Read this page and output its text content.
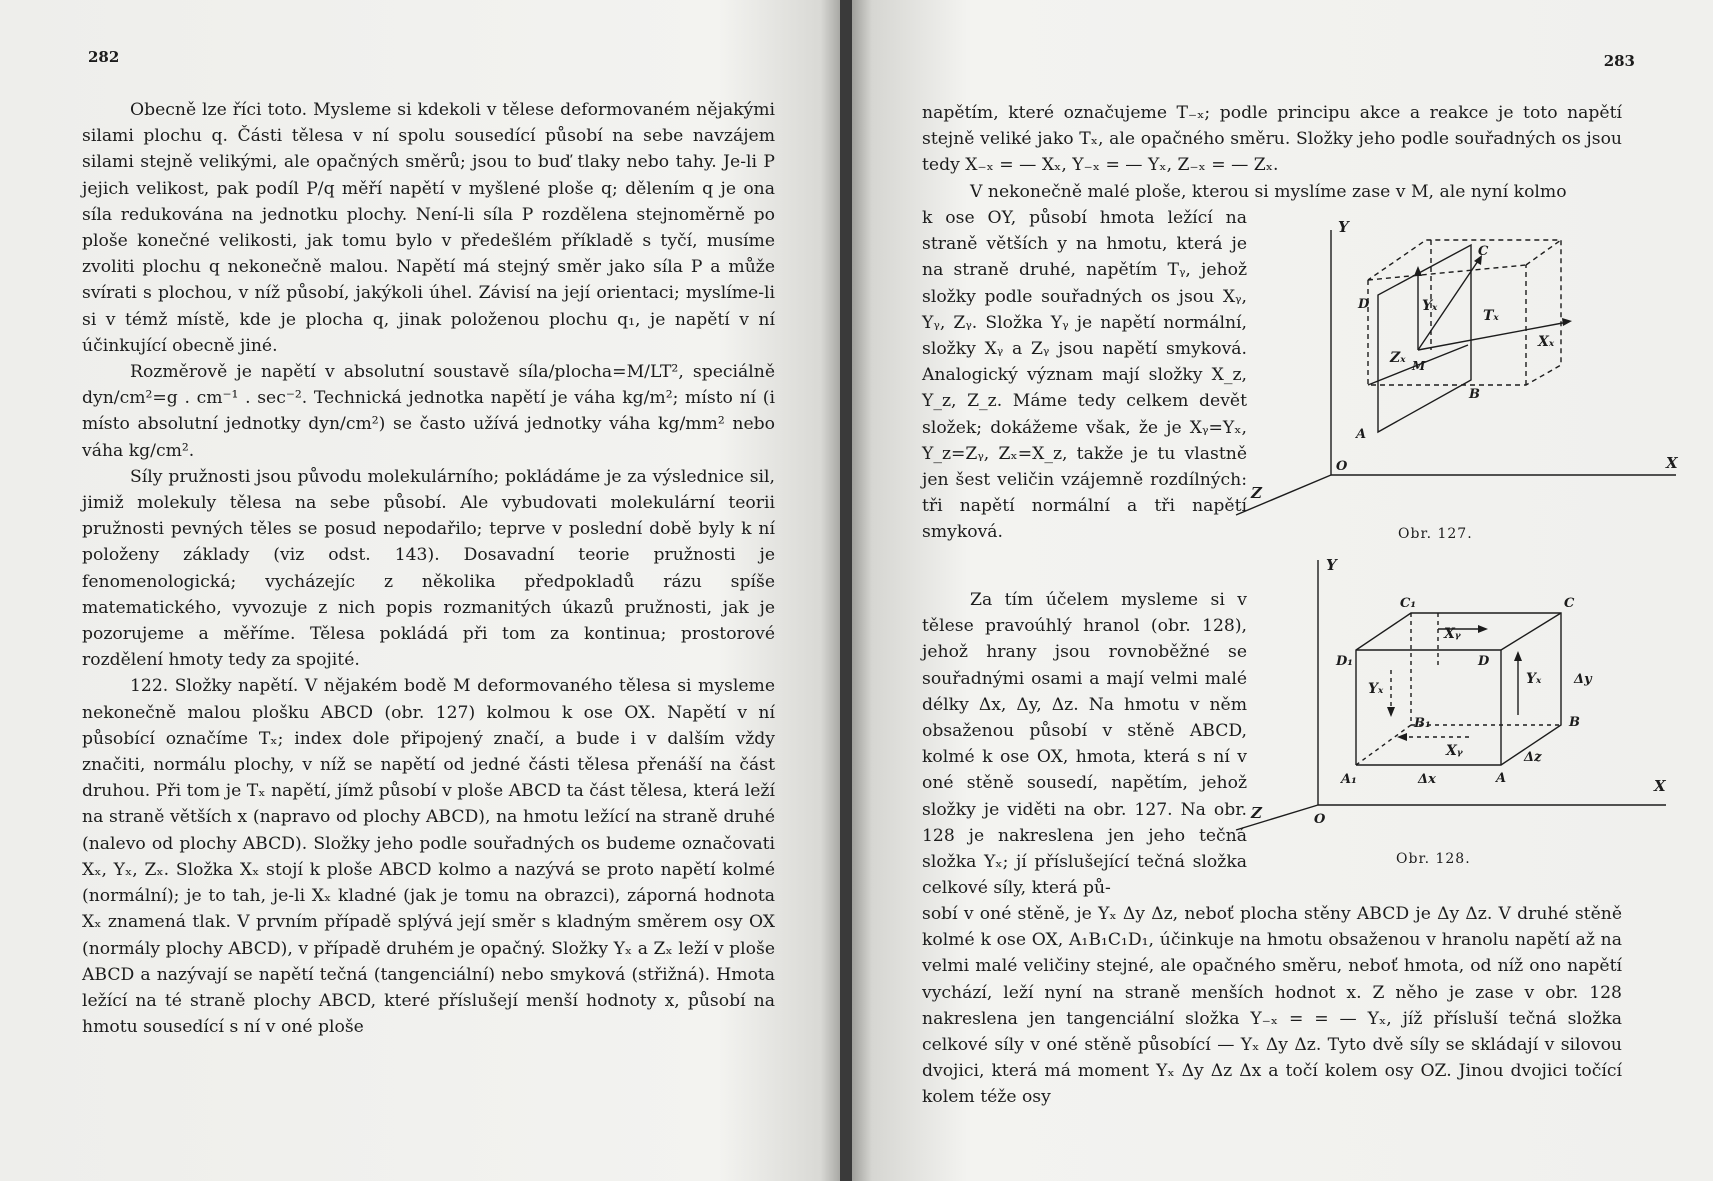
282

Obecně lze říci toto. Mysleme si kdekoli v tělese deformovaném nějakými silami plochu q. Části tělesa v ní spolu sousedící působí na sebe navzájem silami stejně velikými, ale opačných směrů; jsou to buď tlaky nebo tahy. Je-li P jejich velikost, pak podíl P/q měří napětí v myšlené ploše q; dělením q je ona síla redukována na jednotku plochy. Není-li síla P rozdělena stejnoměrně po ploše konečné velikosti, jak tomu bylo v předešlém příkladě s tyčí, musíme zvoliti plochu q nekonečně malou. Napětí má stejný směr jako síla P a může svírati s plochou, v níž působí, jakýkoli úhel. Závisí na její orientaci; myslíme-li si v témž místě, kde je plocha q, jinak položenou plochu q₁, je napětí v ní účinkující obecně jiné.

Rozměrově je napětí v absolutní soustavě síla/plocha=M/LT², speciálně dyn/cm²=g . cm⁻¹ . sec⁻². Technická jednotka napětí je váha kg/m²; místo ní (i místo absolutní jednotky dyn/cm²) se často užívá jednotky váha kg/mm² nebo váha kg/cm².

Síly pružnosti jsou původu molekulárního; pokládáme je za výslednice sil, jimiž molekuly tělesa na sebe působí. Ale vybudovati molekulární teorii pružnosti pevných těles se posud nepodařilo; teprve v poslední době byly k ní položeny základy (viz odst. 143). Dosavadní teorie pružnosti je fenomenologická; vycházejíc z několika předpokladů rázu spíše matematického, vyvozuje z nich popis rozmanitých úkazů pružnosti, jak je pozorujeme a měříme. Tělesa pokládá při tom za kontinua; prostorové rozdělení hmoty tedy za spojité.

122. Složky napětí. V nějakém bodě M deformovaného tělesa si mysleme nekonečně malou plošku ABCD (obr. 127) kolmou k ose OX. Napětí v ní působící označíme Tₓ; index dole připojený značí, a bude i v dalším vždy značiti, normálu plochy, v níž se napětí od jedné části tělesa přenáší na část druhou. Při tom je Tₓ napětí, jímž působí v ploše ABCD ta část tělesa, která leží na straně větších x (napravo od plochy ABCD), na hmotu ležící na straně druhé (nalevo od plochy ABCD). Složky jeho podle souřadných os budeme označovati Xₓ, Yₓ, Zₓ. Složka Xₓ stojí k ploše ABCD kolmo a nazývá se proto napětí kolmé (normální); je to tah, je-li Xₓ kladné (jak je tomu na obrazci), záporná hodnota Xₓ znamená tlak. V prvním případě splývá její směr s kladným směrem osy OX (normály plochy ABCD), v případě druhém je opačný. Složky Yₓ a Zₓ leží v ploše ABCD a nazývají se napětí tečná (tangenciální) nebo smyková (střižná). Hmota ležící na té straně plochy ABCD, které příslušejí menší hodnoty x, působí na hmotu sousedící s ní v oné ploše

283

napětím, které označujeme T₋ₓ; podle principu akce a reakce je toto napětí stejně veliké jako Tₓ, ale opačného směru. Složky jeho podle souřadných os jsou tedy X₋ₓ = — Xₓ, Y₋ₓ = — Yₓ, Z₋ₓ = — Zₓ.

V nekonečně malé ploše, kterou si myslíme zase v M, ale nyní kolmo

k ose OY, působí hmota ležící na straně větších y na hmotu, která je na straně druhé, napětím Tᵧ, jehož složky podle souřadných os jsou Xᵧ, Yᵧ, Zᵧ. Složka Yᵧ je napětí normální, složky Xᵧ a Zᵧ jsou napětí smyková. Analogický význam mají složky X_z, Y_z, Z_z. Máme tedy celkem devět složek; dokážeme však, že je Xᵧ=Yₓ, Y_z=Zᵧ, Zₓ=X_z, takže je tu vlastně jen šest veličin vzájemně rozdílných: tři napětí normální a tři napětí smyková.

Za tím účelem mysleme si v tělese pravoúhlý hranol (obr. 128), jehož hrany jsou rovnoběžné se souřadnými osami a mají velmi malé délky Δx, Δy, Δz. Na hmotu v něm obsaženou působí v stěně ABCD, kolmé k ose OX, hmota, která s ní v oné stěně sousedí, napětím, jehož složky je viděti na obr. 127. Na obr. 128 je nakreslena jen jeho tečná složka Yₓ; jí příslušející tečná složka celkové síly, která pů-

sobí v oné stěně, je Yₓ Δy Δz, neboť plocha stěny ABCD je Δy Δz. V druhé stěně kolmé k ose OX, A₁B₁C₁D₁, účinkuje na hmotu obsaženou v hranolu napětí až na velmi malé veličiny stejné, ale opačného směru, neboť hmota, od níž ono napětí vychází, leží nyní na straně menších hodnot x. Z něho je zase v obr. 128 nakreslena jen tangenciální složka Y₋ₓ = = — Yₓ, jíž přísluší tečná složka celkové síly v oné stěně působící — Yₓ Δy Δz. Tyto dvě síly se skládají v silovou dvojici, která má moment Yₓ Δy Δz Δx a točí kolem osy OZ. Jinou dvojici točící kolem téže osy

Y
X
Z
O
A
B
C
D
M
Yₓ
Tₓ
Xₓ
Zₓ
Obr. 127.
Y
X
Z	O
A
A₁
B
B₁
C
C₁
D
D₁
Xᵧ
Xᵧ
Yₓ
Yₓ
Δx
Δy
Δz
Obr. 128.
